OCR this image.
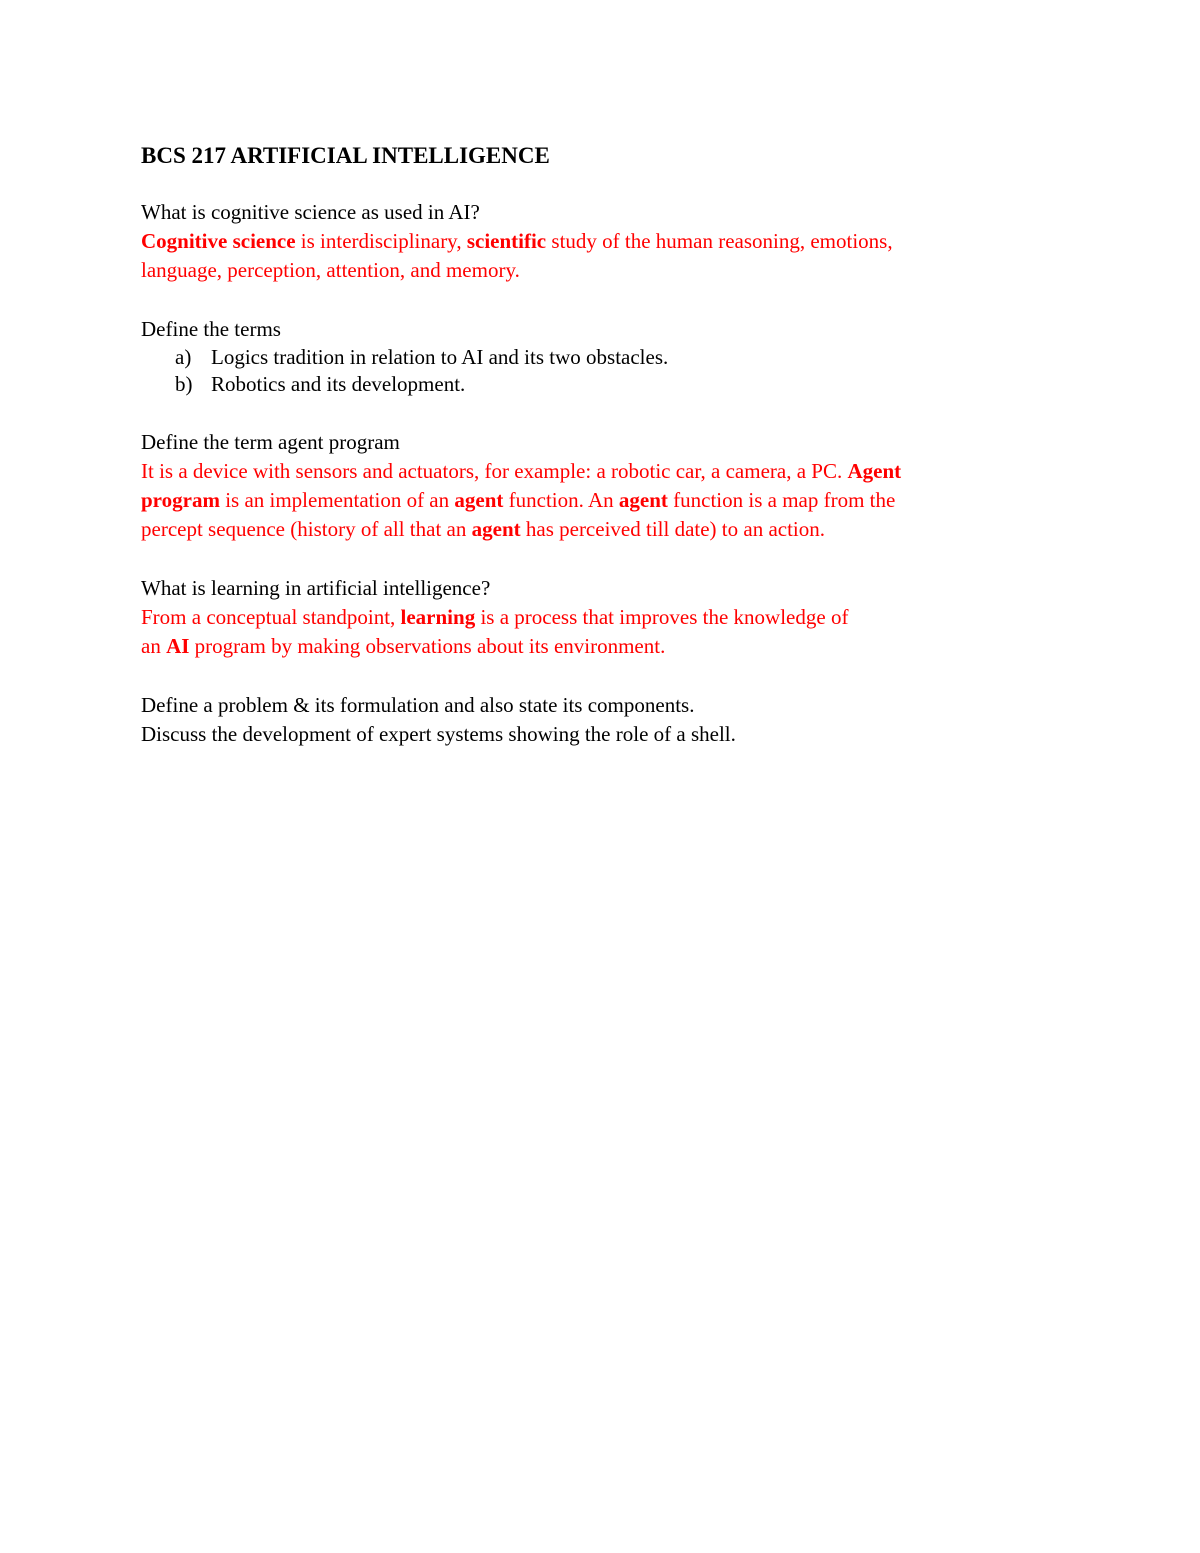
BCS 217 ARTIFICIAL INTELLIGENCE
What is cognitive science as used in AI?
Cognitive science is interdisciplinary, scientific study of the human reasoning, emotions,
language, perception, attention, and memory.
Define the terms
a) Logics tradition in relation to AI and its two obstacles.
b) Robotics and its development.
Define the term agent program
It is a device with sensors and actuators, for example: a robotic car, a camera, a PC. Agent
program is an implementation of an agent function. An agent function is a map from the
percept sequence (history of all that an agent has perceived till date) to an action.
What is learning in artificial intelligence?
From a conceptual standpoint, learning is a process that improves the knowledge of
an AI program by making observations about its environment.
Define a problem & its formulation and also state its components.
Discuss the development of expert systems showing the role of a shell.
